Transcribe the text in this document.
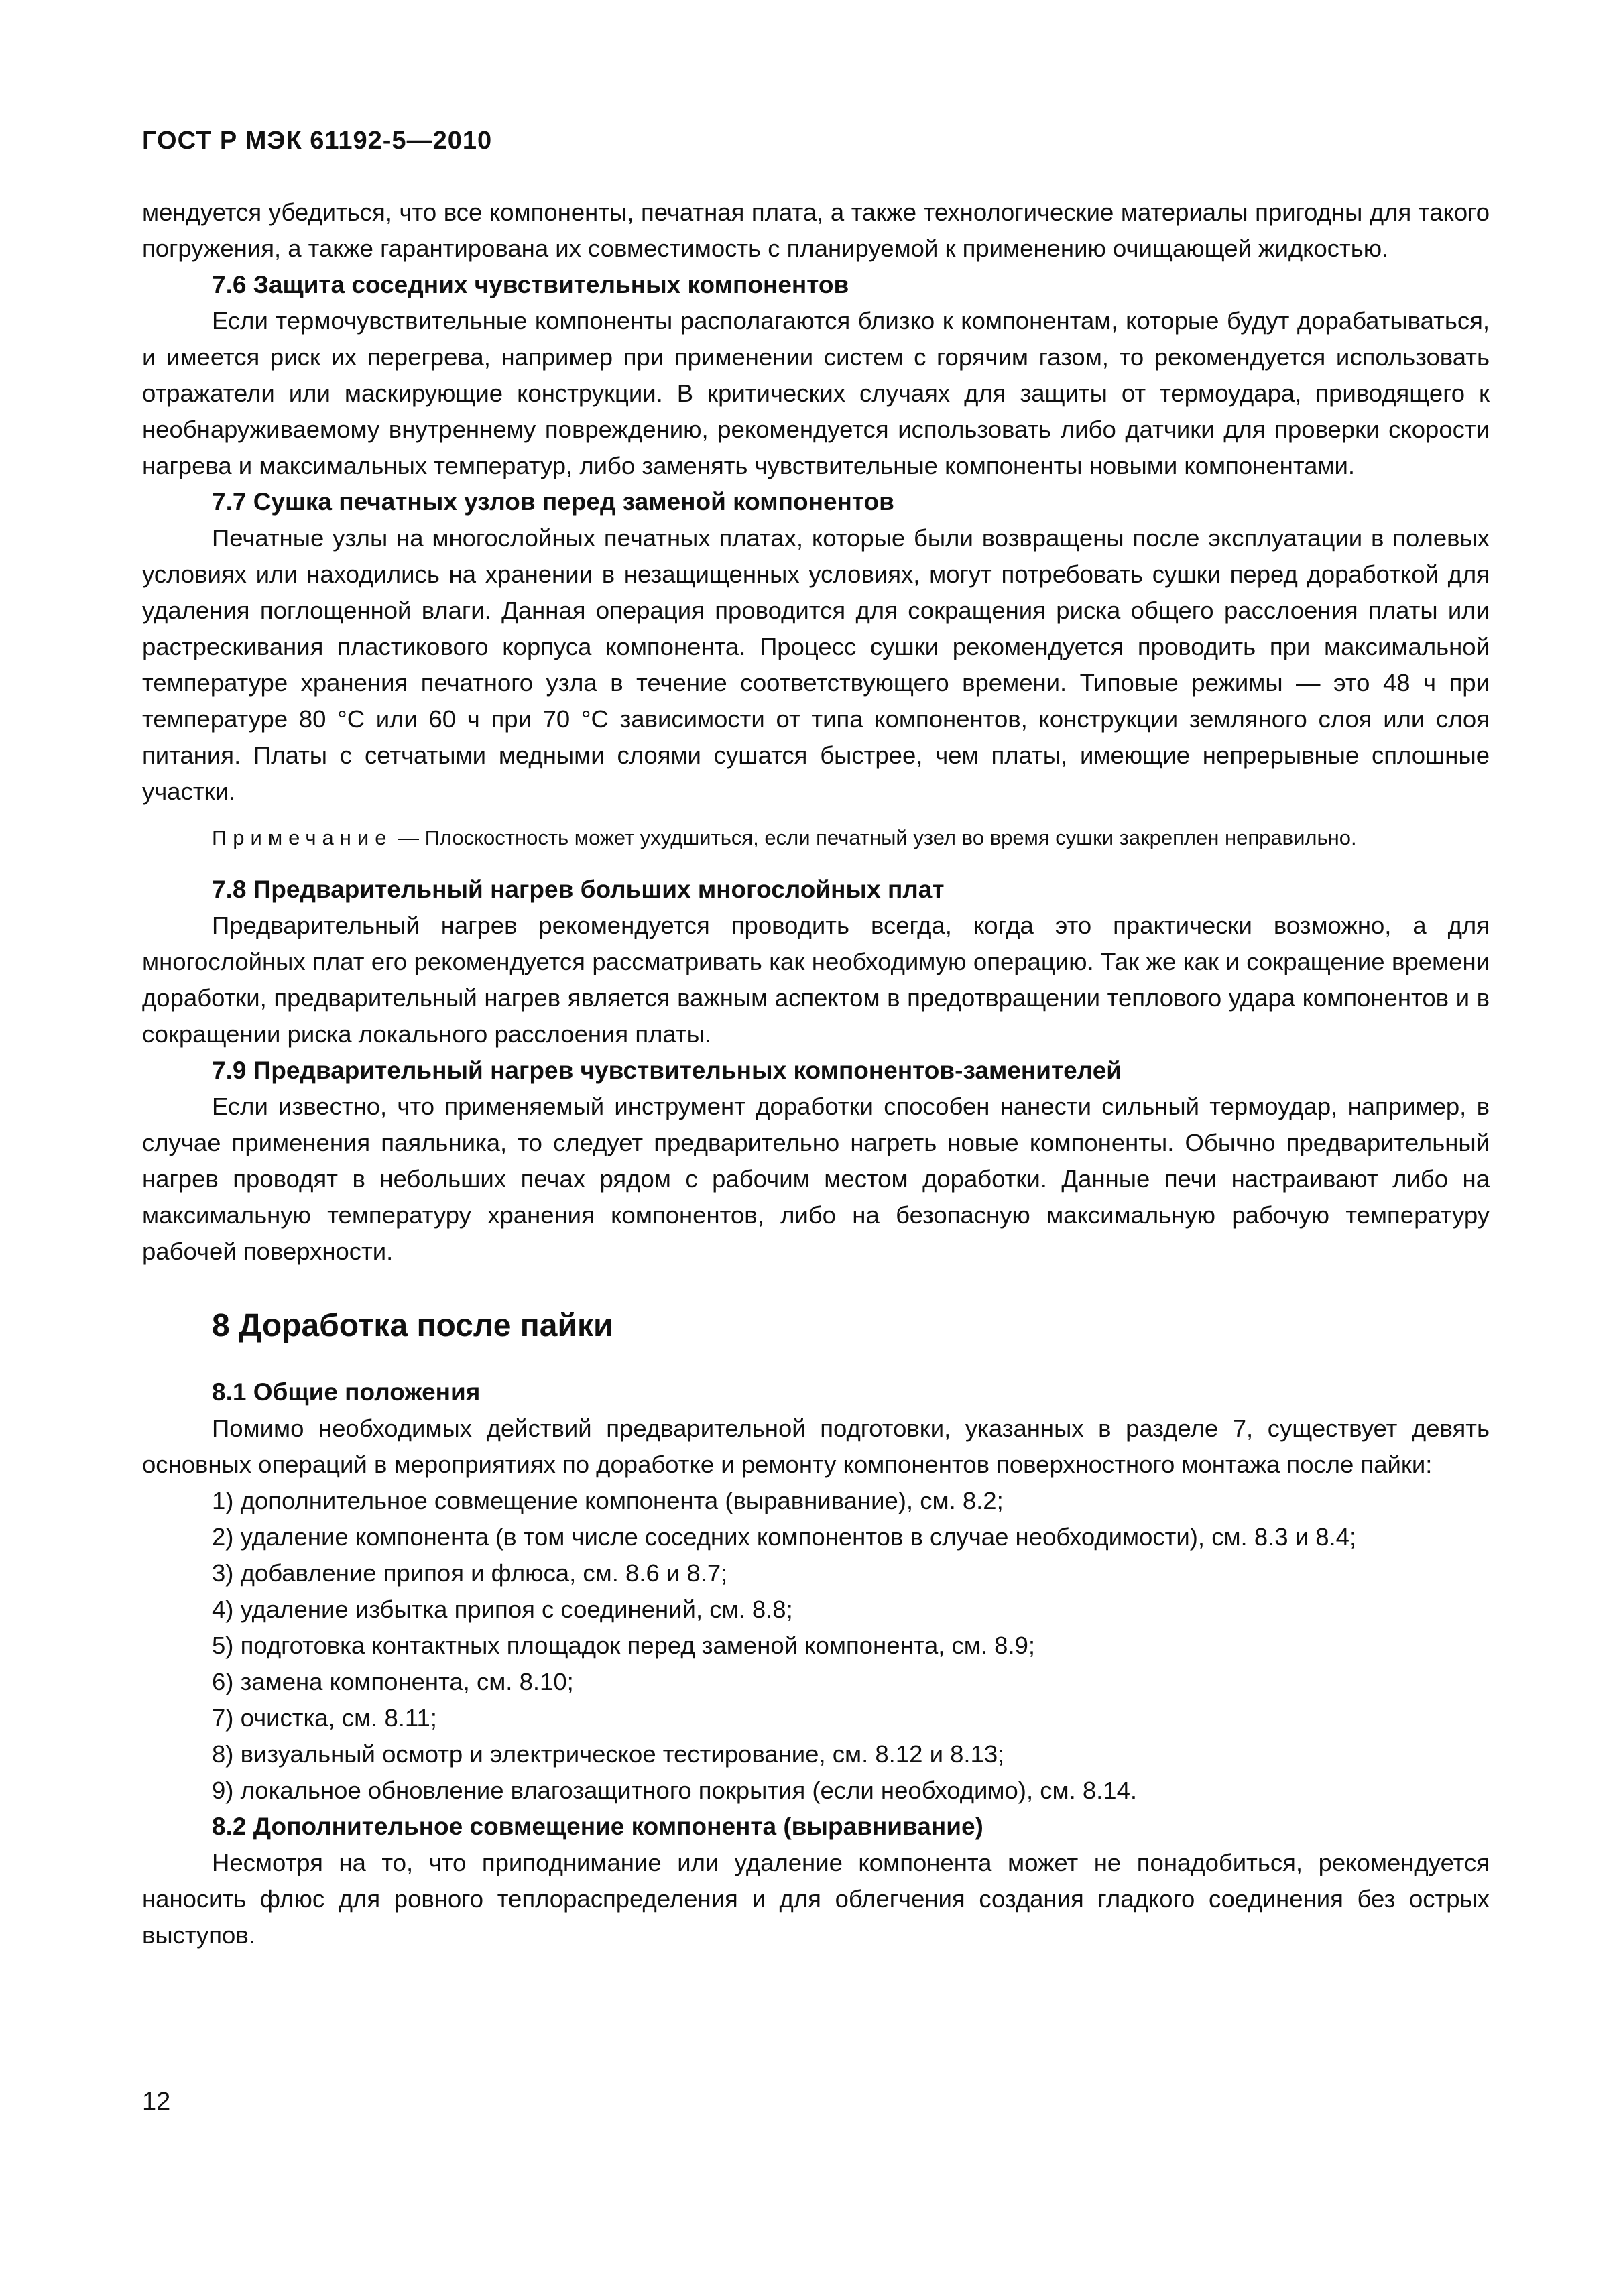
ГОСТ Р МЭК 61192-5—2010

мендуется убедиться, что все компоненты, печатная плата, а также технологические материалы пригодны для такого погружения, а также гарантирована их совместимость с планируемой к применению очищающей жидкостью.

7.6 Защита соседних чувствительных компонентов

Если термочувствительные компоненты располагаются близко к компонентам, которые будут дорабатываться, и имеется риск их перегрева, например при применении систем с горячим газом, то рекомендуется использовать отражатели или маскирующие конструкции. В критических случаях для защиты от термоудара, приводящего к необнаруживаемому внутреннему повреждению, рекомендуется использовать либо датчики для проверки скорости нагрева и максимальных температур, либо заменять чувствительные компоненты новыми компонентами.

7.7 Сушка печатных узлов перед заменой компонентов

Печатные узлы на многослойных печатных платах, которые были возвращены после эксплуатации в полевых условиях или находились на хранении в незащищенных условиях, могут потребовать сушки перед доработкой для удаления поглощенной влаги. Данная операция проводится для сокращения риска общего расслоения платы или растрескивания пластикового корпуса компонента. Процесс сушки рекомендуется проводить при максимальной температуре хранения печатного узла в течение соответствующего времени. Типовые режимы — это 48 ч при температуре 80 °С или 60 ч при 70 °С зависимости от типа компонентов, конструкции земляного слоя или слоя питания. Платы с сетчатыми медными слоями сушатся быстрее, чем платы, имеющие непрерывные сплошные участки.

Примечание — Плоскостность может ухудшиться, если печатный узел во время сушки закреплен неправильно.

7.8 Предварительный нагрев больших многослойных плат

Предварительный нагрев рекомендуется проводить всегда, когда это практически возможно, а для многослойных плат его рекомендуется рассматривать как необходимую операцию. Так же как и сокращение времени доработки, предварительный нагрев является важным аспектом в предотвращении теплового удара компонентов и в сокращении риска локального расслоения платы.

7.9 Предварительный нагрев чувствительных компонентов-заменителей

Если известно, что применяемый инструмент доработки способен нанести сильный термоудар, например, в случае применения паяльника, то следует предварительно нагреть новые компоненты. Обычно предварительный нагрев проводят в небольших печах рядом с рабочим местом доработки. Данные печи настраивают либо на максимальную температуру хранения компонентов, либо на безопасную максимальную рабочую температуру рабочей поверхности.

8 Доработка после пайки
8.1 Общие положения

Помимо необходимых действий предварительной подготовки, указанных в разделе 7, существует девять основных операций в мероприятиях по доработке и ремонту компонентов поверхностного монтажа после пайки:

1) дополнительное совмещение компонента (выравнивание), см. 8.2;
2) удаление компонента (в том числе соседних компонентов в случае необходимости), см. 8.3 и 8.4;
3) добавление припоя и флюса, см. 8.6 и 8.7;
4) удаление избытка припоя с соединений, см. 8.8;
5) подготовка контактных площадок перед заменой компонента, см. 8.9;
6) замена компонента, см. 8.10;
7) очистка, см. 8.11;
8) визуальный осмотр и электрическое тестирование, см. 8.12 и 8.13;
9) локальное обновление влагозащитного покрытия (если необходимо), см. 8.14.
8.2 Дополнительное совмещение компонента (выравнивание)

Несмотря на то, что приподнимание или удаление компонента может не понадобиться, рекомендуется наносить флюс для ровного теплораспределения и для облегчения создания гладкого соединения без острых выступов.

12
